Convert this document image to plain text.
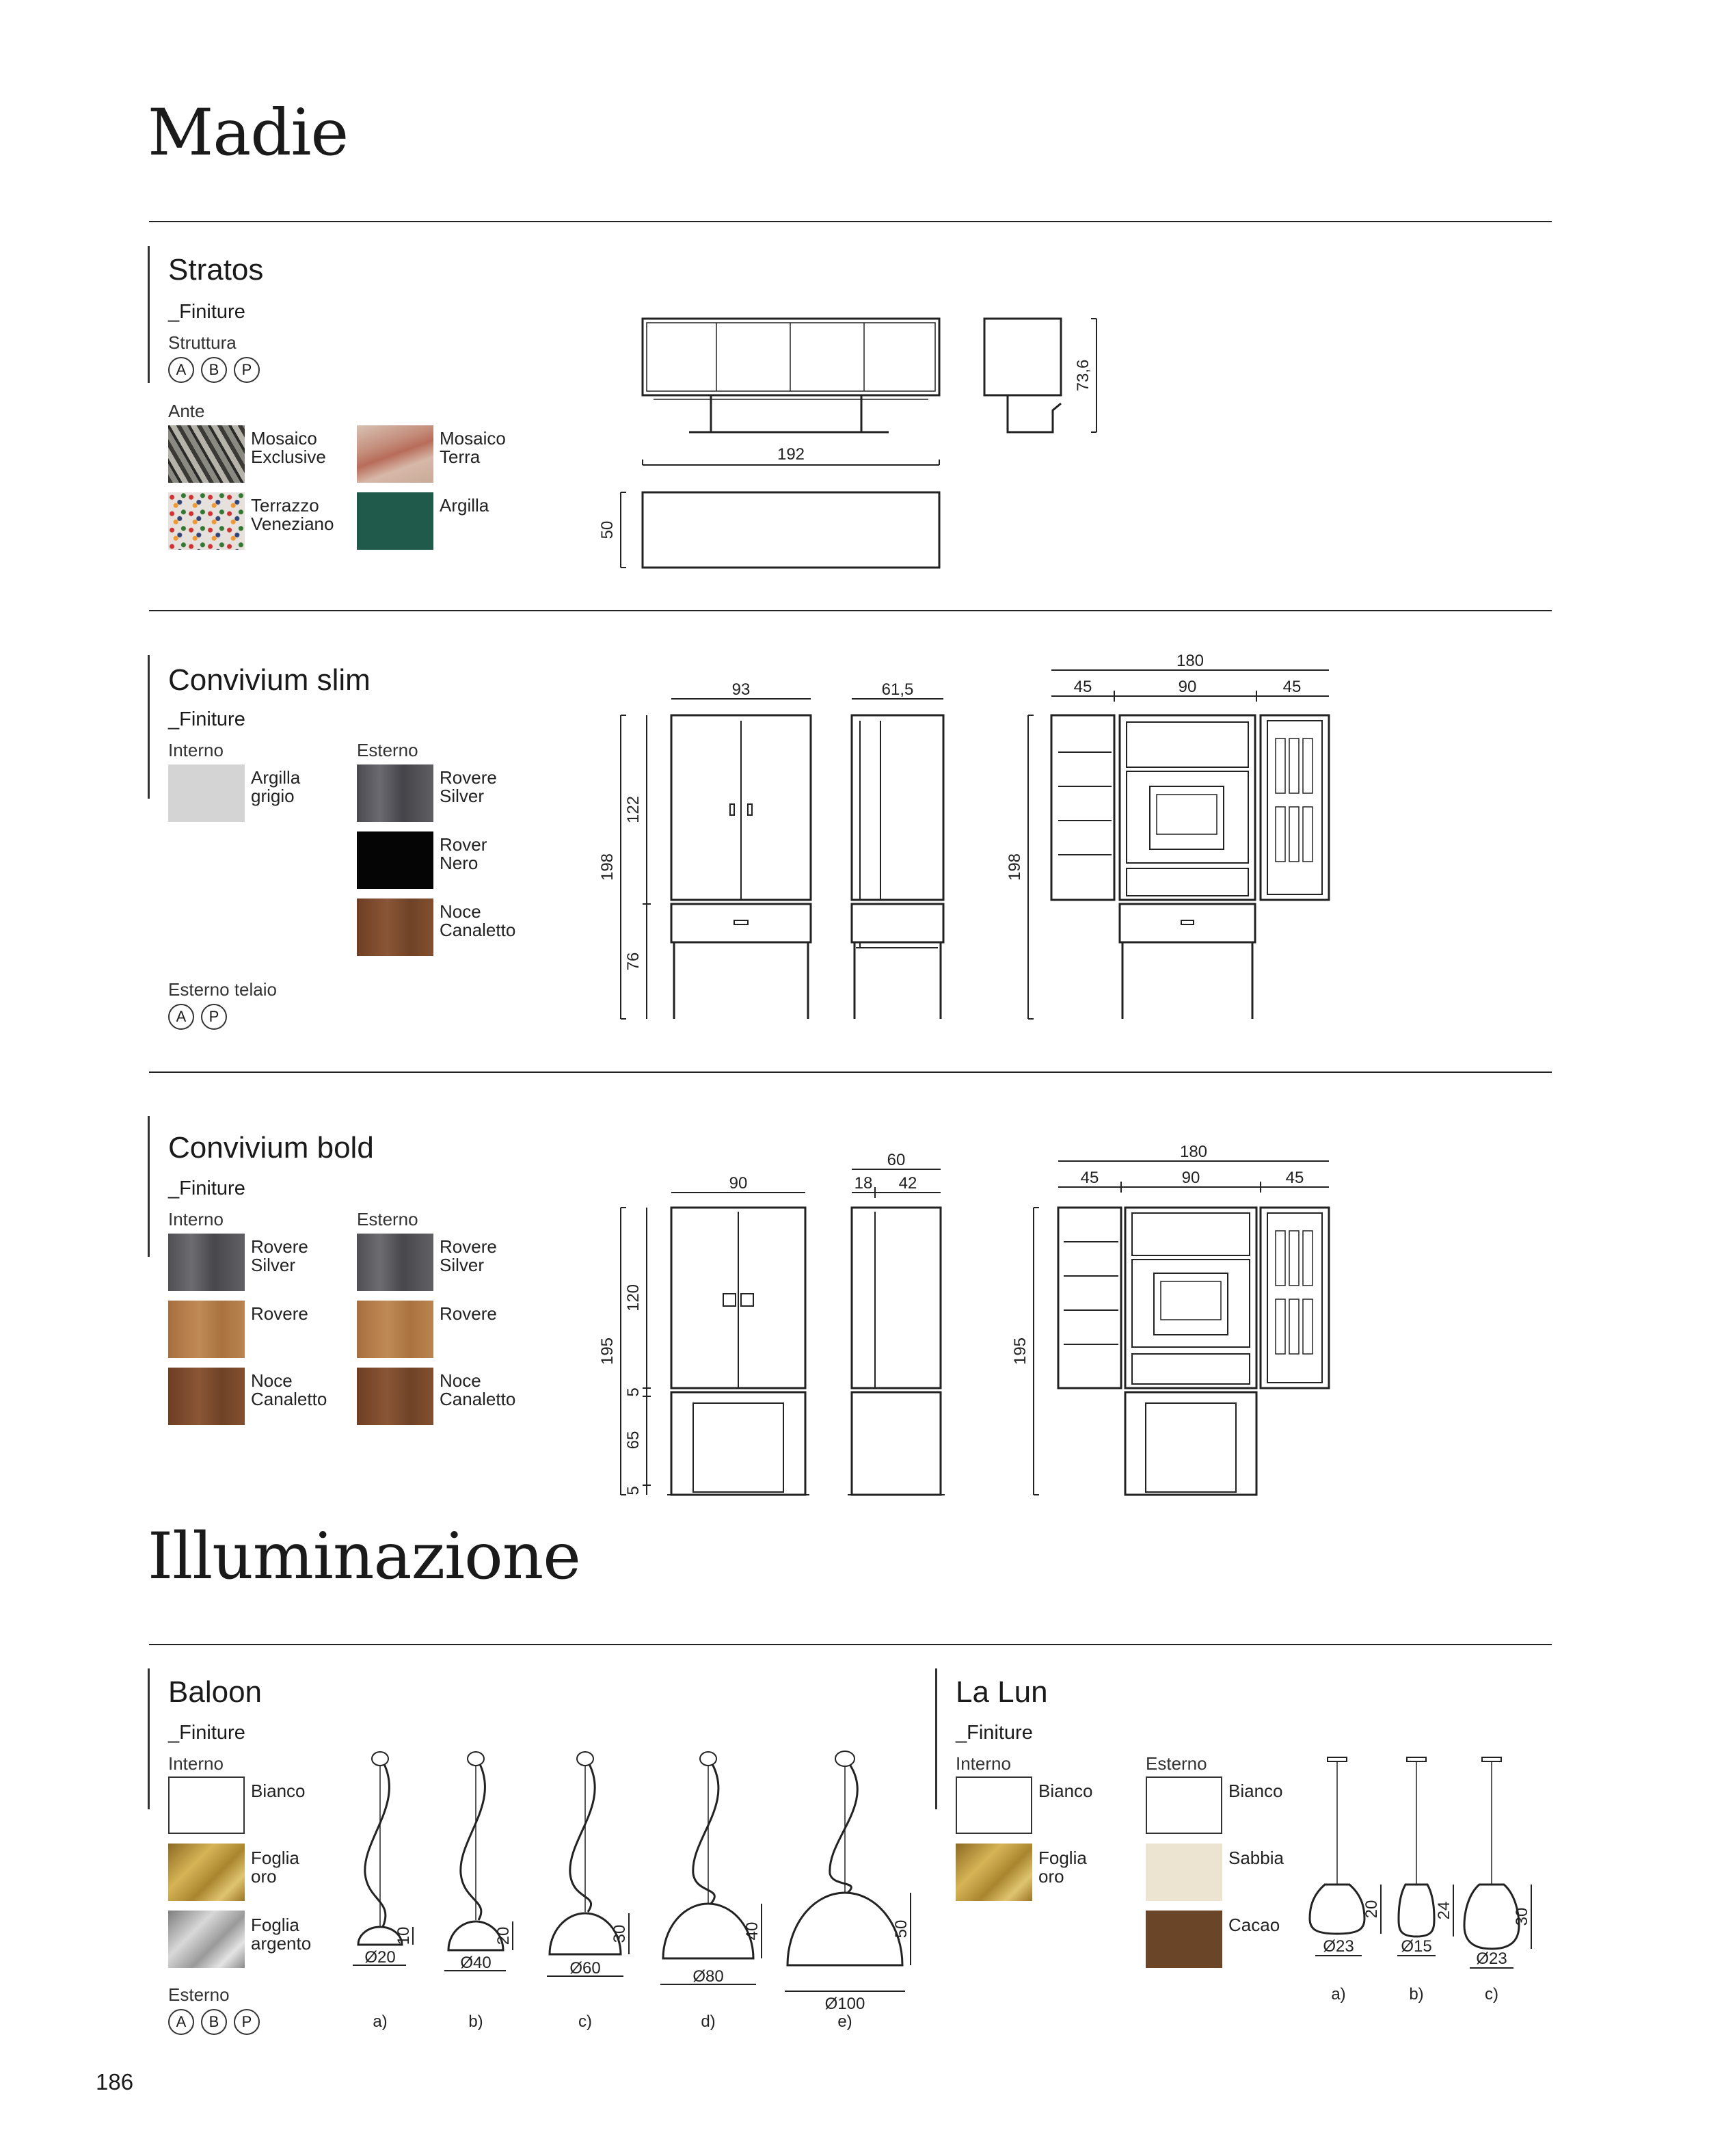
Madie
Stratos
_Finiture
Struttura
A B P
Ante
Mosaico
Exclusive
Mosaico
Terra
Terrazzo
Veneziano
Argilla
192
73,6
50
Convivium slim
_Finiture
Interno	Esterno
Argilla
grigio
Rovere
Silver
Rover
Nero
Noce
Canaletto
Esterno telaio
A P
93	61,5
180
45	90	45
198
122
76
198
Convivium bold
_Finiture
Interno	Esterno
Rovere
Silver
Rovere
Noce
Canaletto
Rovere
Silver
Rovere
Noce
Canaletto
90
60
18 42
180
45	90	45
195
120
5
65
5
195
Illuminazione
Baloon
_Finiture
Interno
Bianco
Foglia
oro
Foglia
argento
Esterno
A B P
Ø20
10
a)
Ø40
20
b)
Ø60
30
c)
Ø80
40
d)
Ø100
50
e)
La Lun
_Finiture
Interno	Esterno
Bianco
Foglia
oro
Bianco
Sabbia
Cacao
Ø23
20
a)
Ø15
24
b)
Ø23
30
c)
186
